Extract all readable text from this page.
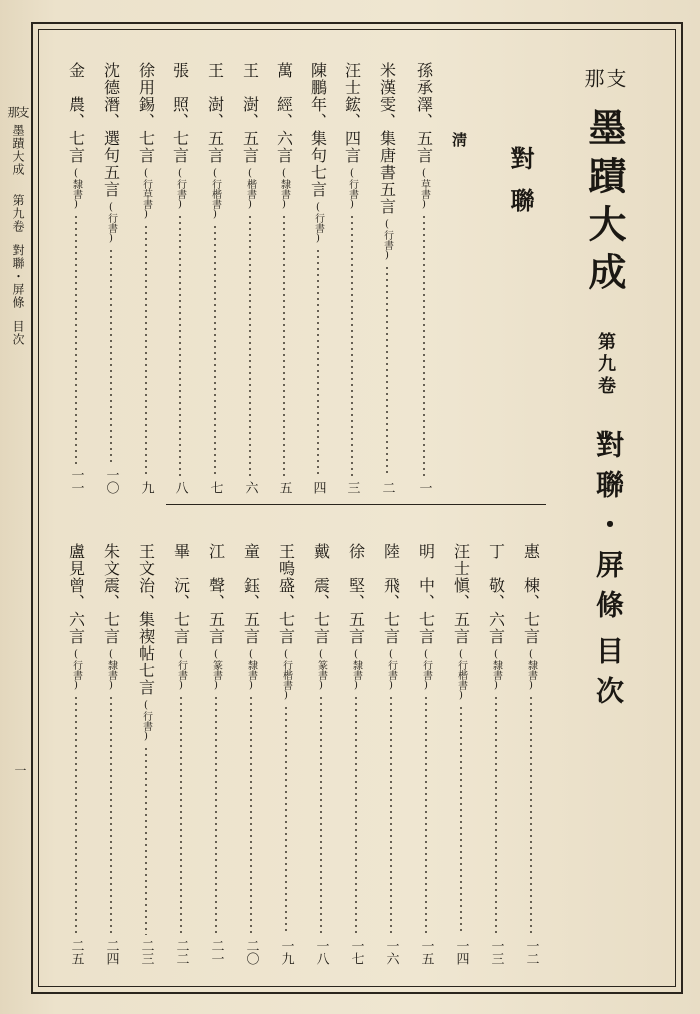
支
那
墨蹟大成
第九卷
對聯・屏條
目次
一
支
那
墨蹟大成
第九卷
對聯・屏條
目次
對聯
淸
孫承澤、五言
(草書)
一
米漢雯、集唐書五言
(行書)
二
汪士鋐、四言
(行書)
三
陳鵬年、集句七言
(行書)
四
萬　經、六言
(隸書)
五
王　澍、五言
(楷書)
六
王　澍、五言
(行楷書)
七
張　照、七言
(行書)
八
徐用錫、七言
(行草書)
九
沈德潛、選句五言
(行書)
一〇
金　農、七言
(隸書)
一一
惠　棟、七言
(隸書)
一二
丁　敬、六言
(隸書)
一三
汪士愼、五言
(行楷書)
一四
明　中、七言
(行書)
一五
陸　飛、七言
(行書)
一六
徐　堅、五言
(隸書)
一七
戴　震、七言
(篆書)
一八
王鳴盛、七言
(行楷書)
一九
童　鈺、五言
(隸書)
二〇
江　聲、五言
(篆書)
二一
畢　沅、七言
(行書)
二二
王文治、集禊帖七言
(行書)
二三
朱文震、七言
(隸書)
二四
盧見曾、六言
(行書)
二五
